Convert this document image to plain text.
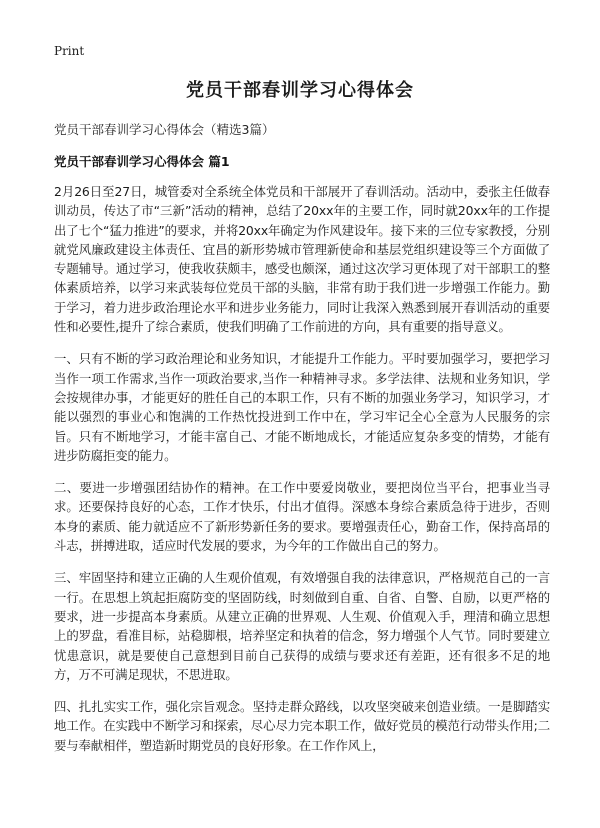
Print
党员干部春训学习心得体会
党员干部春训学习心得体会（精选3篇）
党员干部春训学习心得体会 篇1

2月26日至27日，城管委对全系统全体党员和干部展开了春训活动。活动中，委张主任做春训动员，传达了市“三新”活动的精神，总结了20xx年的主要工作，同时就20xx年的工作提出了七个“猛力推进”的要求，并将20xx年确定为作风建设年。接下来的三位专家教授，分别就党风廉政建设主体责任、宜昌的新形势城市管理新使命和基层党组织建设等三个方面做了专题辅导。通过学习，使我收获颇丰，感受也颇深，通过这次学习更体现了对干部职工的整体素质培养，以学习来武装每位党员干部的头脑，非常有助于我们进一步增强工作能力。勤于学习，着力进步政治理论水平和进步业务能力，同时让我深入熟悉到展开春训活动的重要性和必要性,提升了综合素质，使我们明确了工作前进的方向，具有重要的指导意义。

一、只有不断的学习政治理论和业务知识，才能提升工作能力。平时要加强学习，要把学习当作一项工作需求,当作一项政治要求,当作一种精神寻求。多学法律、法规和业务知识，学会按规律办事，才能更好的胜任自己的本职工作，只有不断的加强业务学习，知识学习，才能以强烈的事业心和饱满的工作热忱投进到工作中在，学习牢记全心全意为人民服务的宗旨。只有不断地学习，才能丰富自己、才能不断地成长，才能适应复杂多变的情势，才能有进步防腐拒变的能力。

二、要进一步增强团结协作的精神。在工作中要爱岗敬业，要把岗位当平台，把事业当寻求。还要保持良好的心态，工作才快乐，付出才值得。深感本身综合素质急待于进步，否则本身的素质、能力就适应不了新形势新任务的要求。要增强责任心，勤奋工作，保持高昂的斗志，拼搏进取，适应时代发展的要求，为今年的工作做出自己的努力。

三、牢固坚持和建立正确的人生观价值观，有效增强自我的法律意识，严格规范自己的一言一行。在思想上筑起拒腐防变的坚固防线，时刻做到自重、自省、自警、自励，以更严格的要求，进一步提高本身素质。从建立正确的世界观、人生观、价值观入手，理清和确立思想上的罗盘，看准目标，站稳脚根，培养坚定和执着的信念，努力增强个人气节。同时要建立忧患意识，就是要使自己意想到目前自己获得的成绩与要求还有差距，还有很多不足的地方，万不可满足现状，不思进取。

四、扎扎实实工作，强化宗旨观念。坚持走群众路线，以攻坚突破来创造业绩。一是脚踏实地工作。在实践中不断学习和探索，尽心尽力完本职工作，做好党员的模范行动带头作用;二要与奉献相伴，塑造新时期党员的良好形象。在工作作风上，
